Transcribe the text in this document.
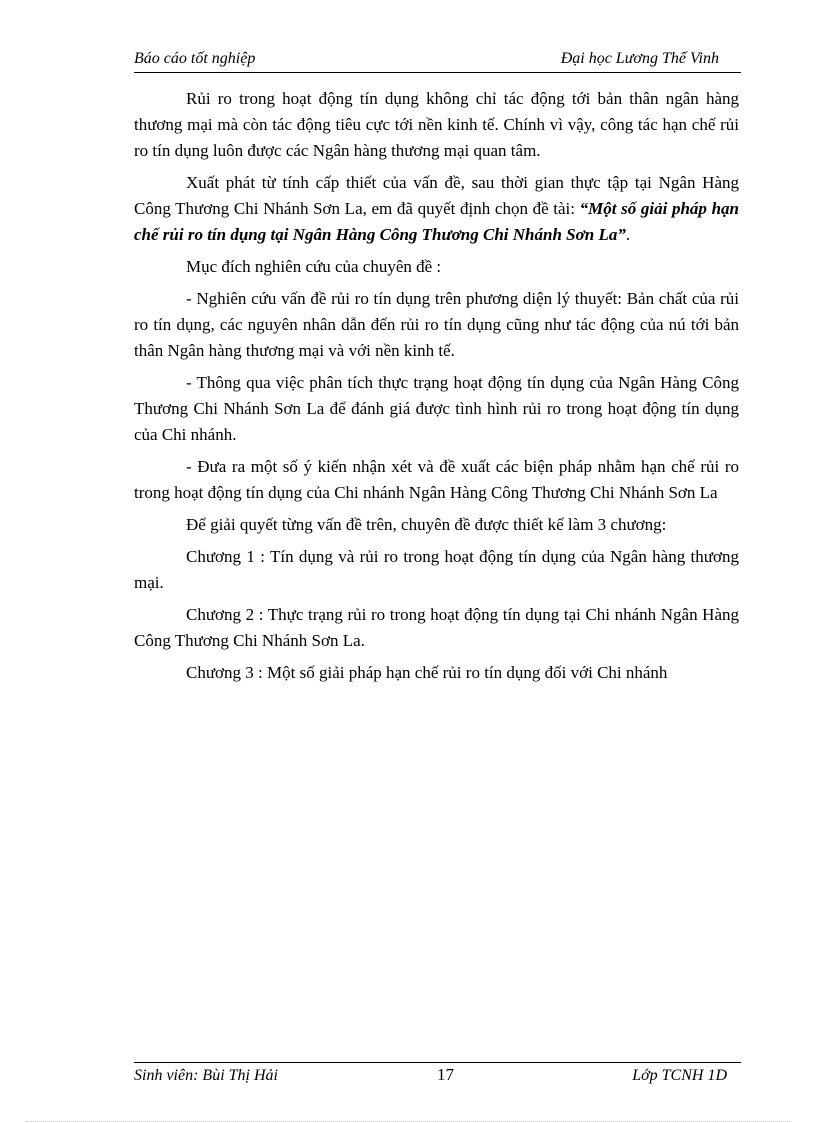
Báo cáo tốt nghiệp	Đại học Lương Thế Vinh

Rủi ro trong hoạt động tín dụng không chỉ tác động tới bản thân ngân hàng thương mại mà còn tác động tiêu cực tới nền kinh tế. Chính vì vậy, công tác hạn chế rủi ro tín dụng luôn được các Ngân hàng thương mại quan tâm.

Xuất phát từ tính cấp thiết của vấn đề, sau thời gian thực tập tại Ngân Hàng Công Thương Chi Nhánh Sơn La, em đã quyết định chọn đề tài: “Một số giải pháp hạn chế rủi ro tín dụng tại Ngân Hàng Công Thương Chi Nhánh Sơn La”.

Mục đích nghiên cứu của chuyên đề :

- Nghiên cứu vấn đề rủi ro tín dụng trên phương diện lý thuyết: Bản chất của rủi ro tín dụng, các nguyên nhân dẫn đến rủi ro tín dụng cũng như tác động của nú tới bản thân Ngân hàng thương mại và với nền kinh tế.

- Thông qua việc phân tích thực trạng hoạt động tín dụng của Ngân Hàng Công Thương Chi Nhánh Sơn La để đánh giá được tình hình rủi ro trong hoạt động tín dụng của Chi nhánh.

- Đưa ra một số ý kiến nhận xét và đề xuất các biện pháp nhằm hạn chế rủi ro trong hoạt động tín dụng của Chi nhánh Ngân Hàng Công Thương Chi Nhánh Sơn La

Để giải quyết từng vấn đề trên, chuyên đề được thiết kế làm 3 chương:

Chương 1 : Tín dụng và rủi ro trong hoạt động tín dụng của Ngân hàng thương mại.

Chương 2 : Thực trạng rủi ro trong hoạt động tín dụng tại Chi nhánh Ngân Hàng Công Thương Chi Nhánh Sơn La.

Chương 3 : Một số giải pháp hạn chế rủi ro tín dụng đối với Chi nhánh

Sinh viên: Bùi Thị Hải	17	Lớp TCNH 1D
